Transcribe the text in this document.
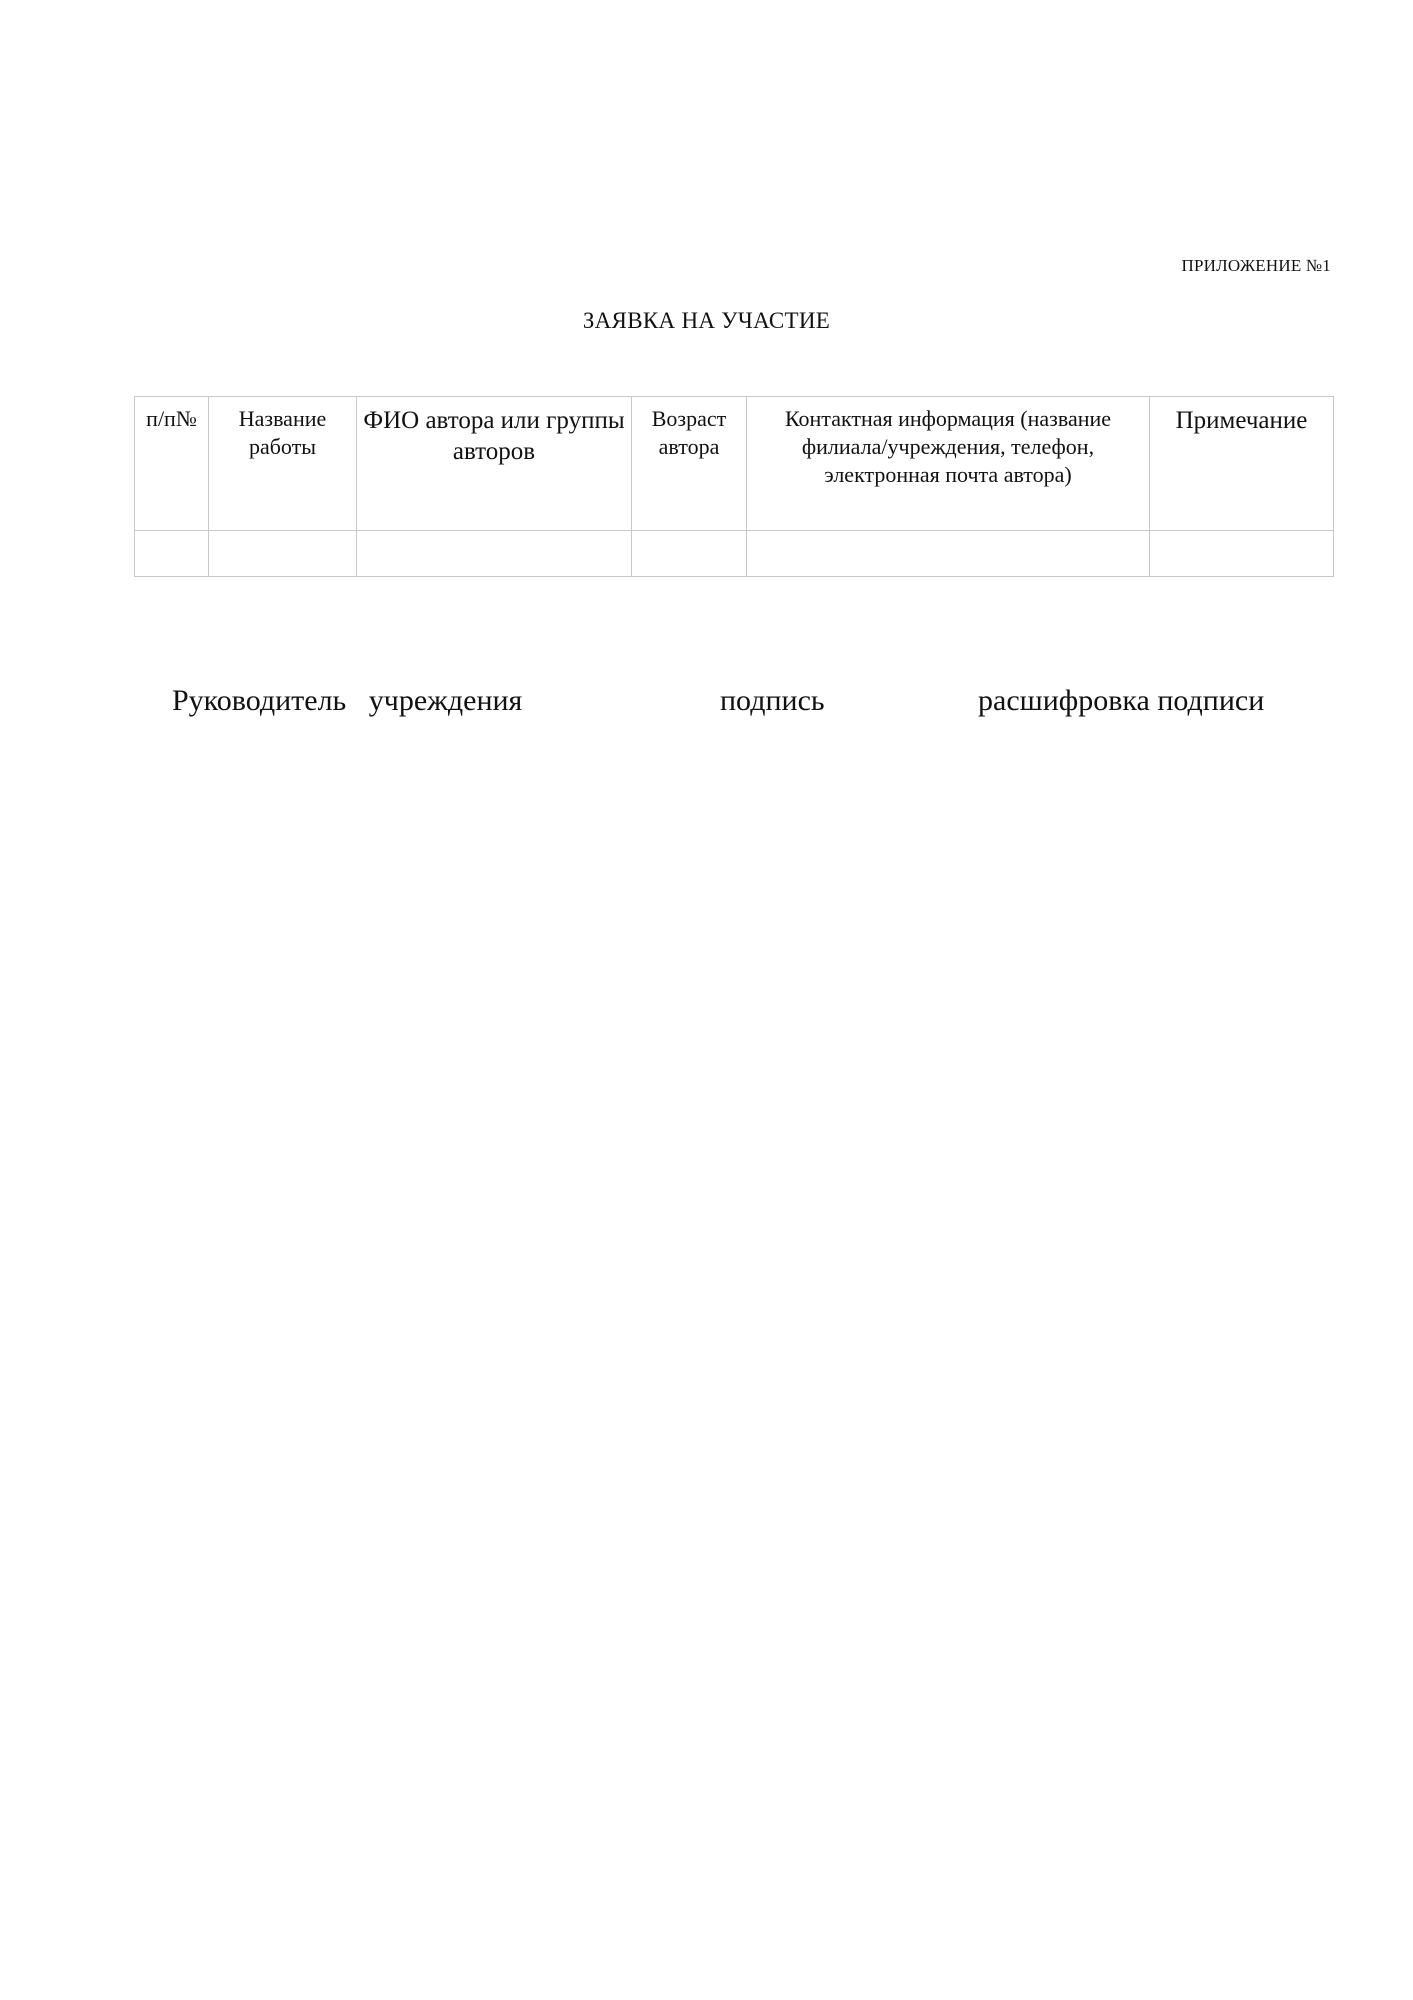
ПРИЛОЖЕНИЕ №1
ЗАЯВКА НА УЧАСТИЕ
п/п№	Название работы	ФИО автора или группы авторов	Возраст автора	Контактная информация (название филиала/учреждения, телефон, электронная почта автора)	Примечание

Руководитель   учреждения	подпись	расшифровка подписи
